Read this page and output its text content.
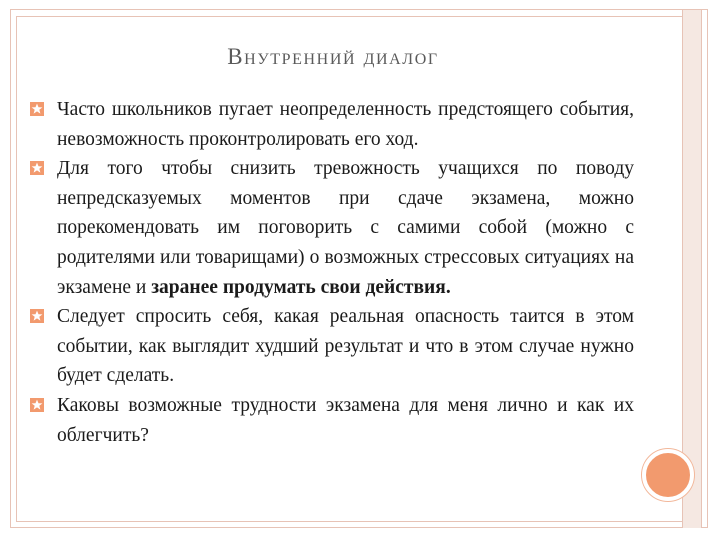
Внутренний диалог

Часто школьников пугает неопределенность предстоящего события, невозможность проконтролировать его ход.

Для того чтобы снизить тревожность учащихся по поводу непредсказуемых моментов при сдаче экзамена, можно порекомендовать им поговорить с самими собой (можно с родителями или товарищами) о возможных стрессовых ситуациях на экзамене и заранее продумать свои действия.

Следует спросить себя, какая реальная опасность таится в этом событии, как выглядит худший результат и что в этом случае нужно будет сделать.

Каковы возможные трудности экзамена для меня лично и как их облегчить?
